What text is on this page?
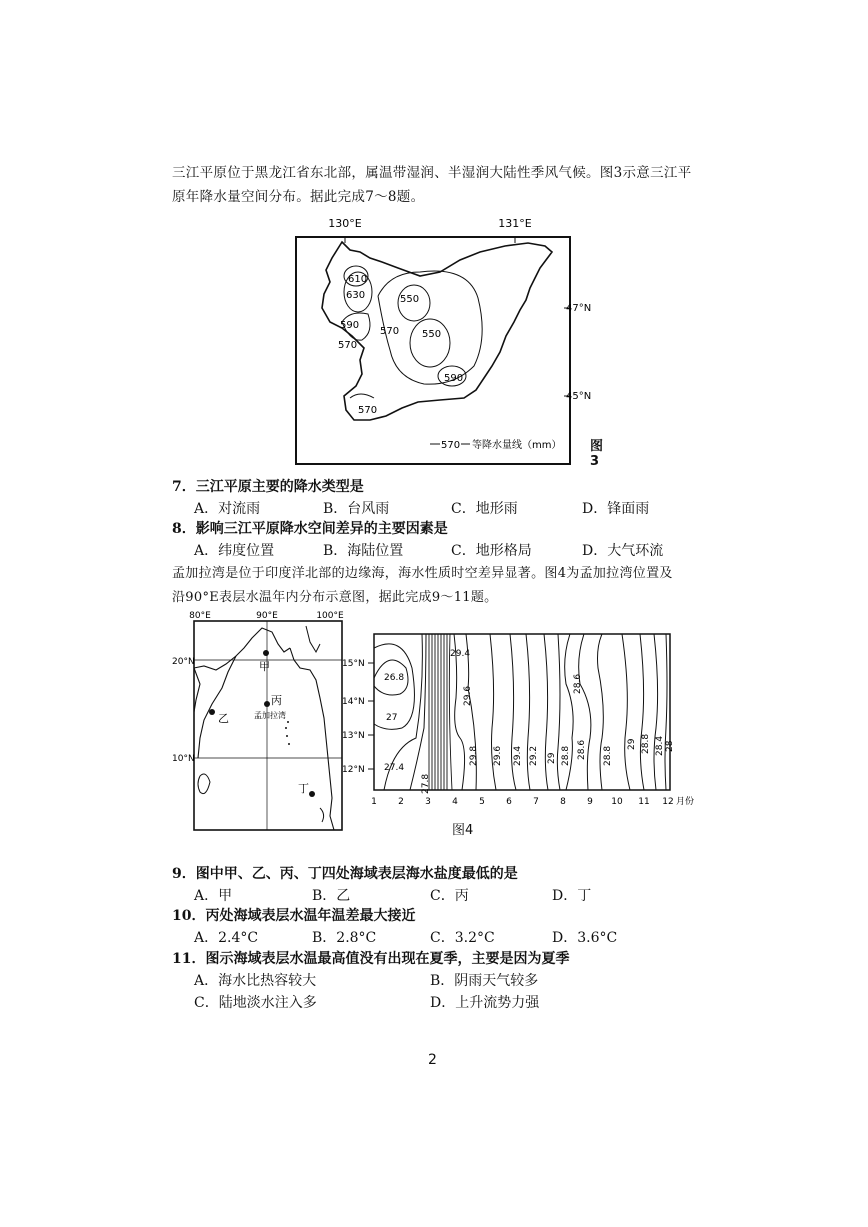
三江平原位于黑龙江省东北部，属温带湿润、半湿润大陆性季风气候。图3示意三江平
原年降水量空间分布。据此完成7～8题。
130°E	131°E
47°N
45°N
610
630	550
590
570
570
550
590
570
570 等降水量线（mm） 图3
7．三江平原主要的降水类型是
A．对流雨	B．台风雨	C．地形雨	D．锋面雨
8．影响三江平原降水空间差异的主要因素是
A．纬度位置	B．海陆位置	C．地形格局	D．大气环流
孟加拉湾是位于印度洋北部的边缘海，海水性质时空差异显著。图4为孟加拉湾位置及
沿90°E表层水温年内分布示意图，据此完成9～11题。
80°E	90°E	100°E
20°N
10°N
甲
乙
丙
孟加拉湾
丁
15°N
14°N
13°N
12°N
1 2 3 4 5 6 7 8 9 10 11 12 月份
26.8
27
27.4
27.8
29.4
29.6
29.8 29.6 29.4 29.2 29 28.8
28.6
28.6 28.8
29 28.8 28.4 28
图4
9．图中甲、乙、丙、丁四处海域表层海水盐度最低的是
A．甲	B．乙	C．丙	D．丁
10．丙处海域表层水温年温差最大接近
A．2.4°C	B．2.8°C	C．3.2°C	D．3.6°C
11．图示海域表层水温最高值没有出现在夏季，主要是因为夏季
A．海水比热容较大	B．阴雨天气较多
C．陆地淡水注入多	D．上升流势力强
2
